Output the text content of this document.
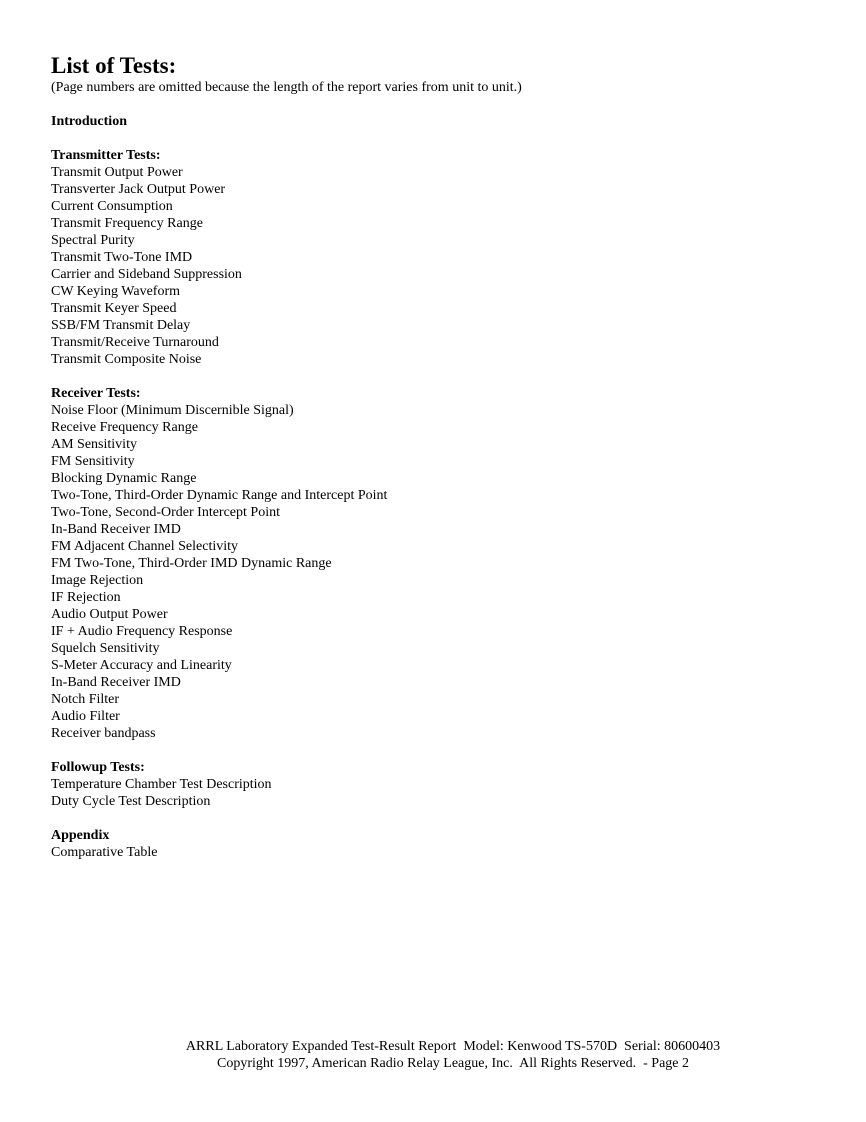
List of Tests:

(Page numbers are omitted because the length of the report varies from unit to unit.)

Introduction
Transmitter Tests:
Transmit Output Power
Transverter Jack Output Power
Current Consumption
Transmit Frequency Range
Spectral Purity
Transmit Two-Tone IMD
Carrier and Sideband Suppression
CW Keying Waveform
Transmit Keyer Speed
SSB/FM Transmit Delay
Transmit/Receive Turnaround
Transmit Composite Noise
Receiver Tests:
Noise Floor (Minimum Discernible Signal)
Receive Frequency Range
AM Sensitivity
FM Sensitivity
Blocking Dynamic Range
Two-Tone, Third-Order Dynamic Range and Intercept Point
Two-Tone, Second-Order Intercept Point
In-Band Receiver IMD
FM Adjacent Channel Selectivity
FM Two-Tone, Third-Order IMD Dynamic Range
Image Rejection
IF Rejection
Audio Output Power
IF + Audio Frequency Response
Squelch Sensitivity
S-Meter Accuracy and Linearity
In-Band Receiver IMD
Notch Filter
Audio Filter
Receiver bandpass
Followup Tests:
Temperature Chamber Test Description
Duty Cycle Test Description
Appendix
Comparative Table
ARRL Laboratory Expanded Test-Result Report  Model: Kenwood TS-570D  Serial: 80600403
Copyright 1997, American Radio Relay League, Inc.  All Rights Reserved.  - Page 2
